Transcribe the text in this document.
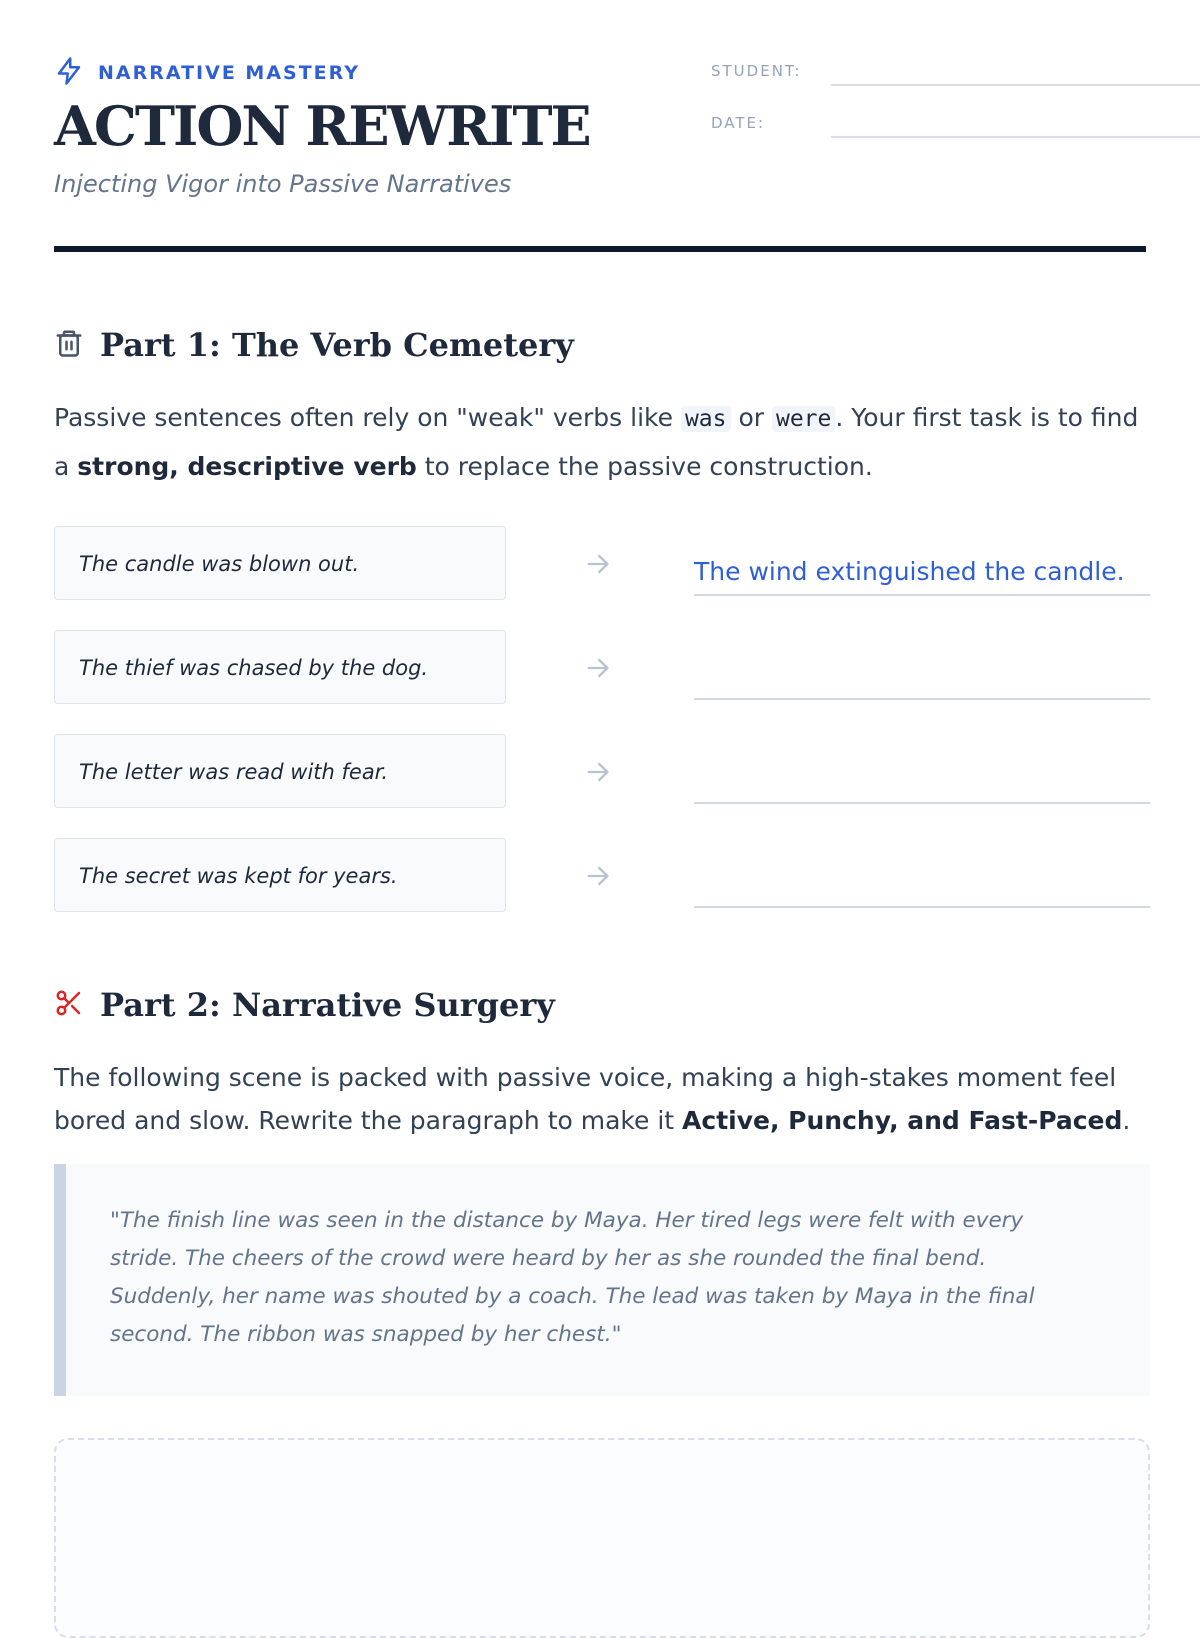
NARRATIVE MASTERY
ACTION REWRITE
Injecting Vigor into Passive Narratives
STUDENT:
DATE:
Part 1: The Verb Cemetery
Passive sentences often rely on "weak" verbs like was or were . Your first task is to find a strong, descriptive verb to replace the passive construction.
The candle was blown out.	The wind extinguished the candle.
The thief was chased by the dog.
The letter was read with fear.
The secret was kept for years.
Part 2: Narrative Surgery
The following scene is packed with passive voice, making a high-stakes moment feel bored and slow. Rewrite the paragraph to make it Active, Punchy, and Fast-Paced.
"The finish line was seen in the distance by Maya. Her tired legs were felt with every stride. The cheers of the crowd were heard by her as she rounded the final bend. Suddenly, her name was shouted by a coach. The lead was taken by Maya in the final second. The ribbon was snapped by her chest."
